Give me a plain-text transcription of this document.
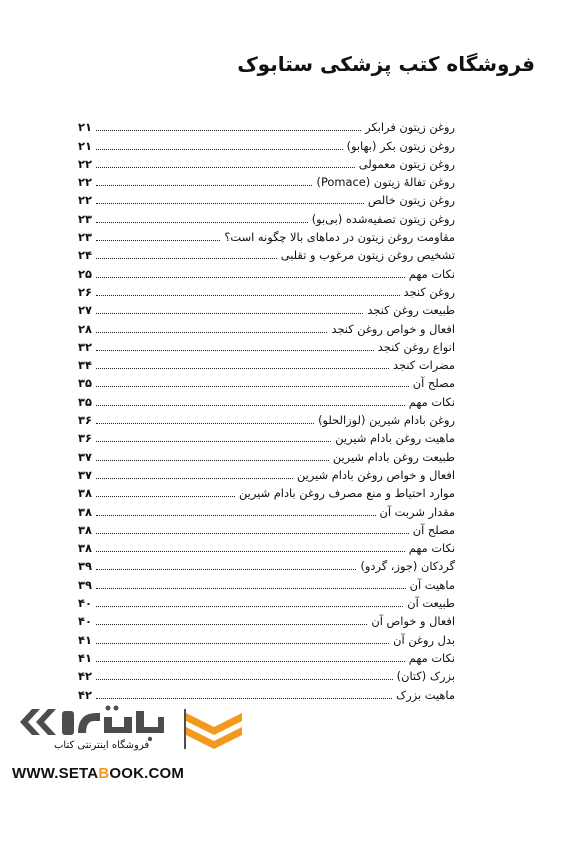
فروشگاه کتب پزشکی ستابوک
روغن زیتون فرابکر
۲۱
روغن زیتون بکر (بهابو)
۲۱
روغن زیتون معمولی
۲۲
روغن تفالۀ زیتون (Pomace)
۲۲
روغن زیتون خالص
۲۲
روغن زیتون تصفیه‌شده (بی‌بو)
۲۳
مقاومت روغن زیتون در دماهای بالا چگونه است؟
۲۳
تشخیص روغن زیتون مرغوب و تقلبی
۲۴
نکات مهم
۲۵
روغن کنجد
۲۶
طبیعت روغن کنجد
۲۷
افعال و خواص روغن کنجد
۲۸
انواع روغن کنجد
۳۲
مضرات کنجد
۳۴
مصلح آن
۳۵
نکات مهم
۳۵
روغن بادام شیرین (لوزالحلو)
۳۶
ماهیت روغن بادام شیرین
۳۶
طبیعت روغن بادام شیرین
۳۷
افعال و خواص روغن بادام شیرین
۳۷
موارد احتیاط و منع مصرف روغن بادام شیرین
۳۸
مقدار شربت آن
۳۸
مصلح آن
۳۸
نکات مهم
۳۸
گردکان (جوز، گردو)
۳۹
ماهیت آن
۳۹
طبیعت آن
۴۰
افعال و خواص آن
۴۰
بدل روغن آن
۴۱
نکات مهم
۴۱
بزرک (کتان)
۴۲
ماهیت بزرک
۴۲
فروشگاه اینترنتی کتاب
WWW.SETABOOK.COM
